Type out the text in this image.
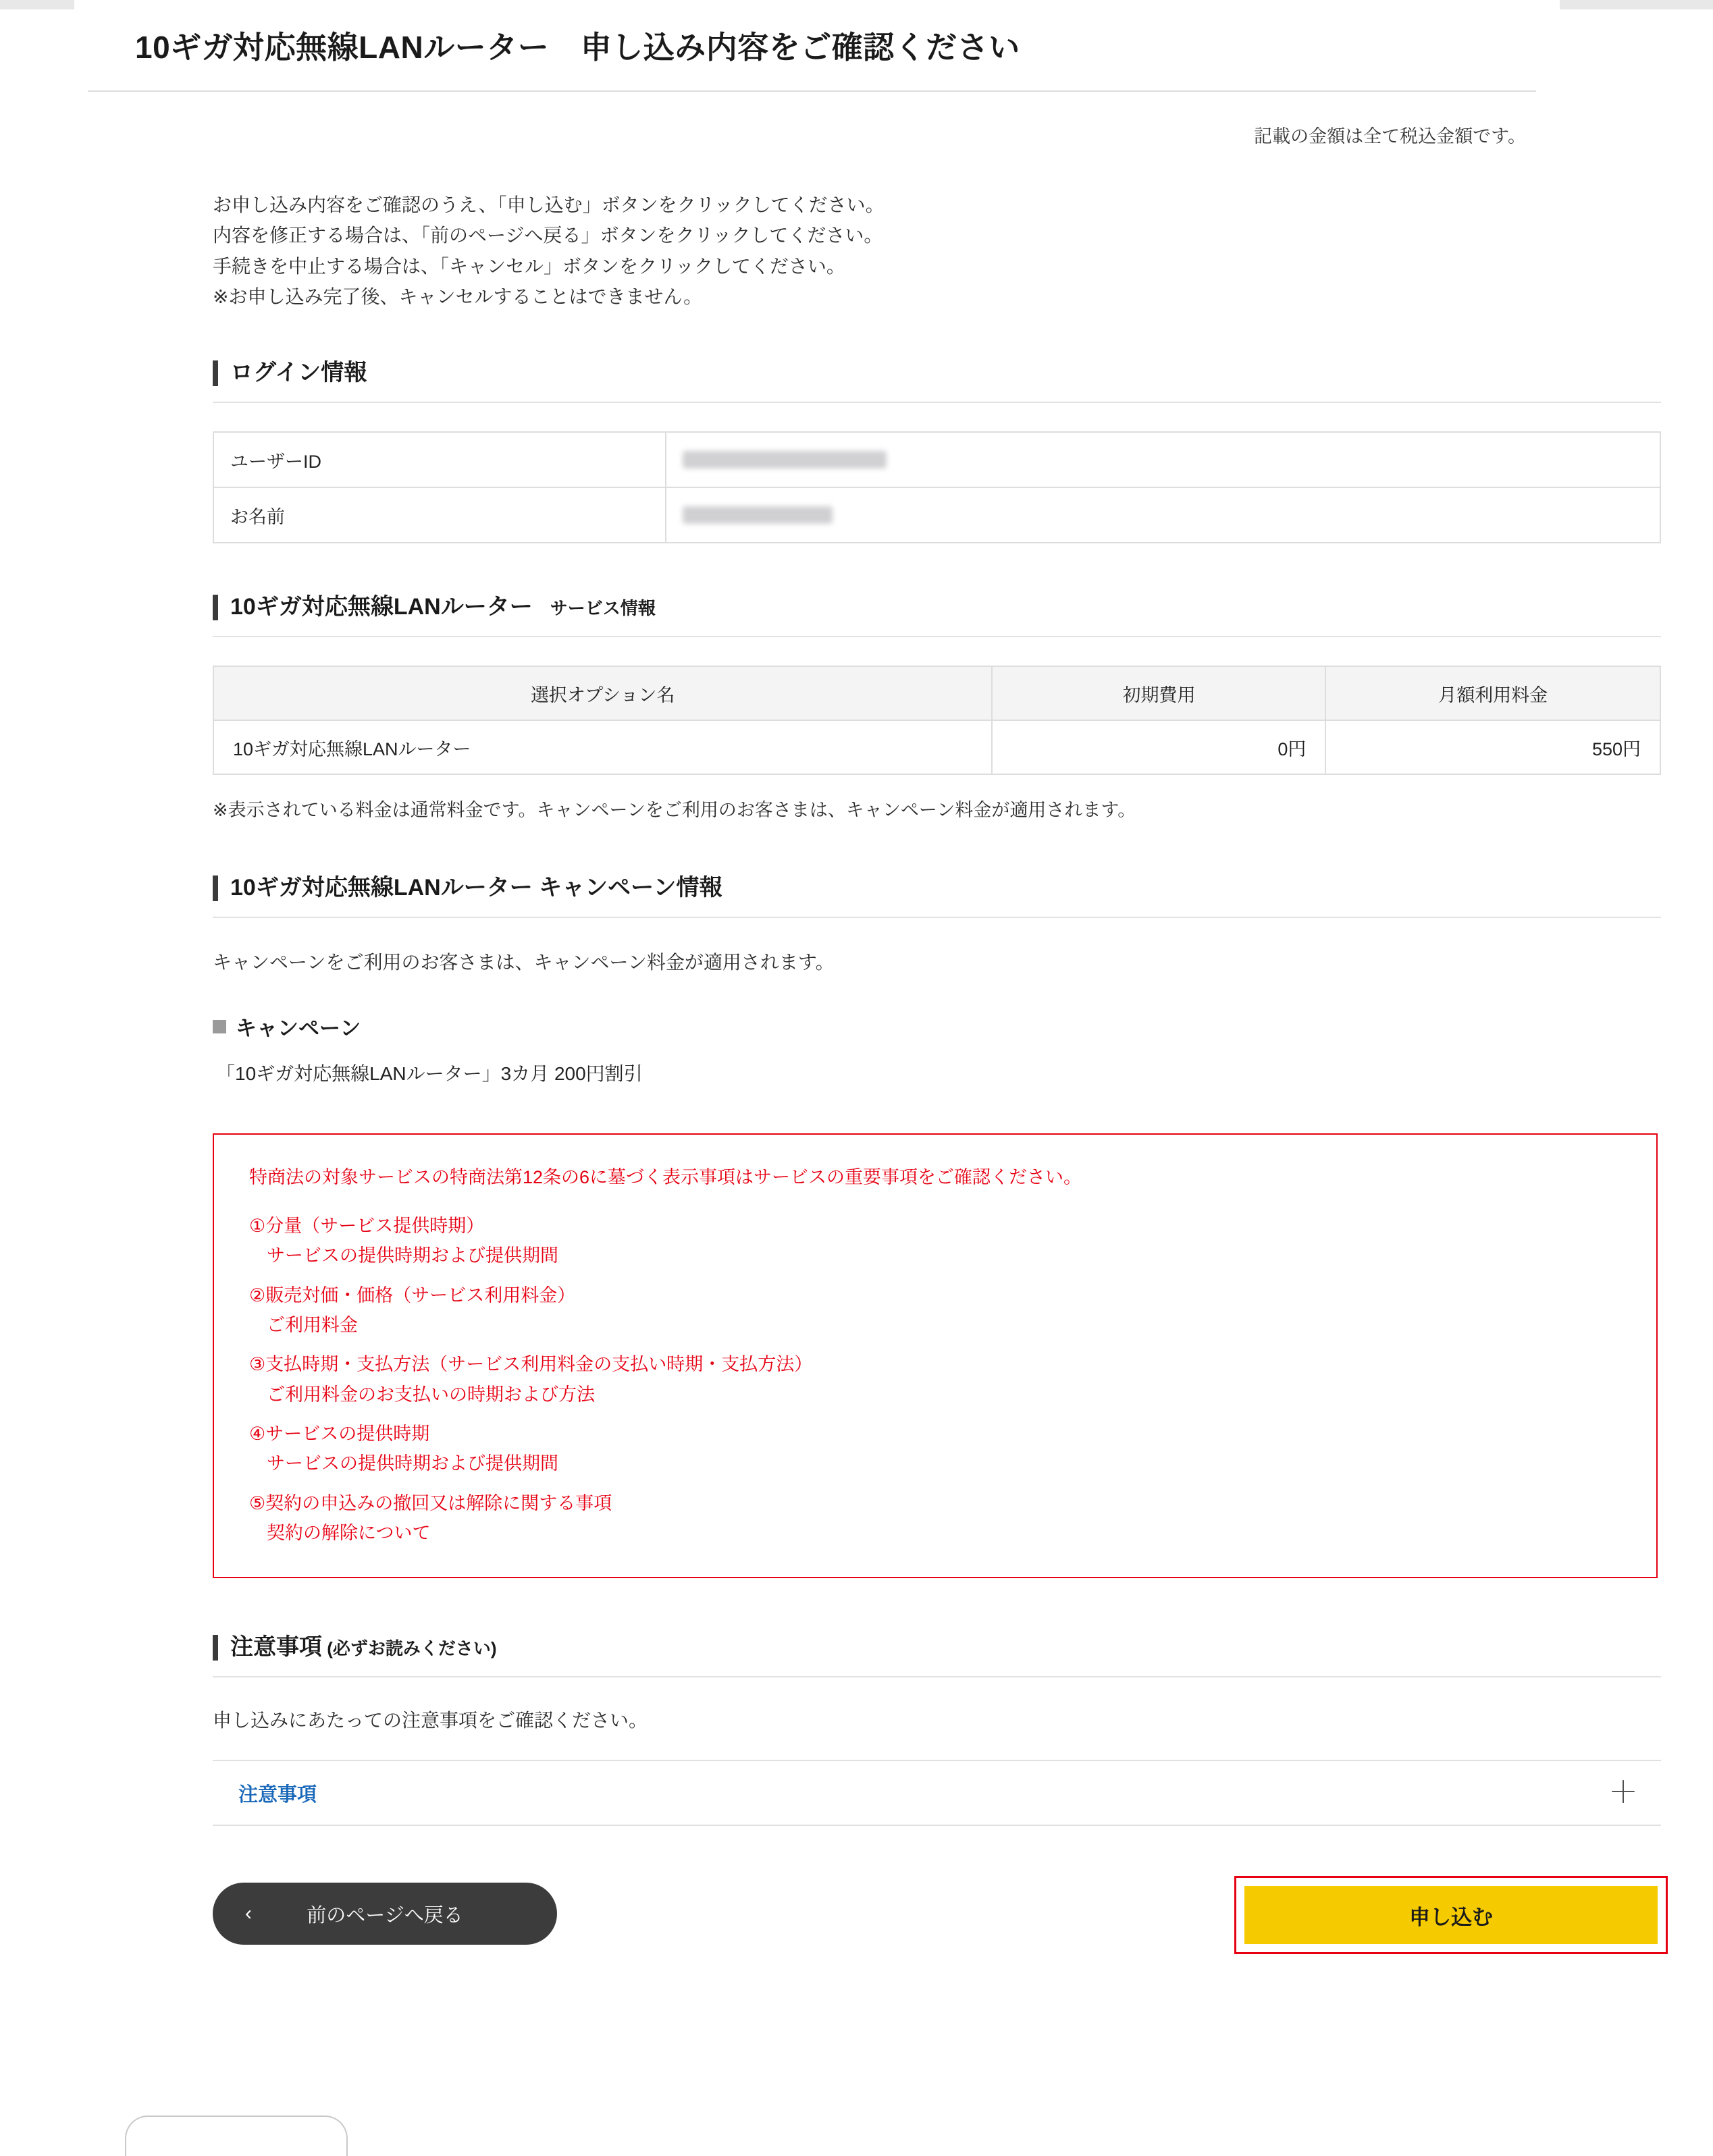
10ギガ対応無線LANルーター　申し込み内容をご確認ください
記載の金額は全て税込金額です。
お申し込み内容をご確認のうえ、「申し込む」ボタンをクリックしてください。
内容を修正する場合は、「前のページへ戻る」ボタンをクリックしてください。
手続きを中止する場合は、「キャンセル」ボタンをクリックしてください。
※お申し込み完了後、キャンセルすることはできません。
ログイン情報
ユーザーID	
お名前	
10ギガ対応無線LANルーター　サービス情報
選択オプション名	初期費用	月額利用料金
10ギガ対応無線LANルーター	0円	550円
※表示されている料金は通常料金です。キャンペーンをご利用のお客さまは、キャンペーン料金が適用されます。
10ギガ対応無線LANルーター キャンペーン情報
キャンペーンをご利用のお客さまは、キャンペーン料金が適用されます。
キャンペーン
「10ギガ対応無線LANルーター」3カ月 200円割引
特商法の対象サービスの特商法第12条の6に墓づく表示事項はサービスの重要事項をご確認ください。
①分量（サービス提供時期）
サービスの提供時期および提供期間
②販売対価・価格（サービス利用料金）
ご利用料金
③支払時期・支払方法（サービス利用料金の支払い時期・支払方法）
ご利用料金のお支払いの時期および方法
④サービスの提供時期
サービスの提供時期および提供期間
⑤契約の申込みの撤回又は解除に関する事項
契約の解除について
注意事項 (必ずお読みください)
申し込みにあたっての注意事項をご確認ください。
注意事項	＋
‹	前のページへ戻る	申し込む
